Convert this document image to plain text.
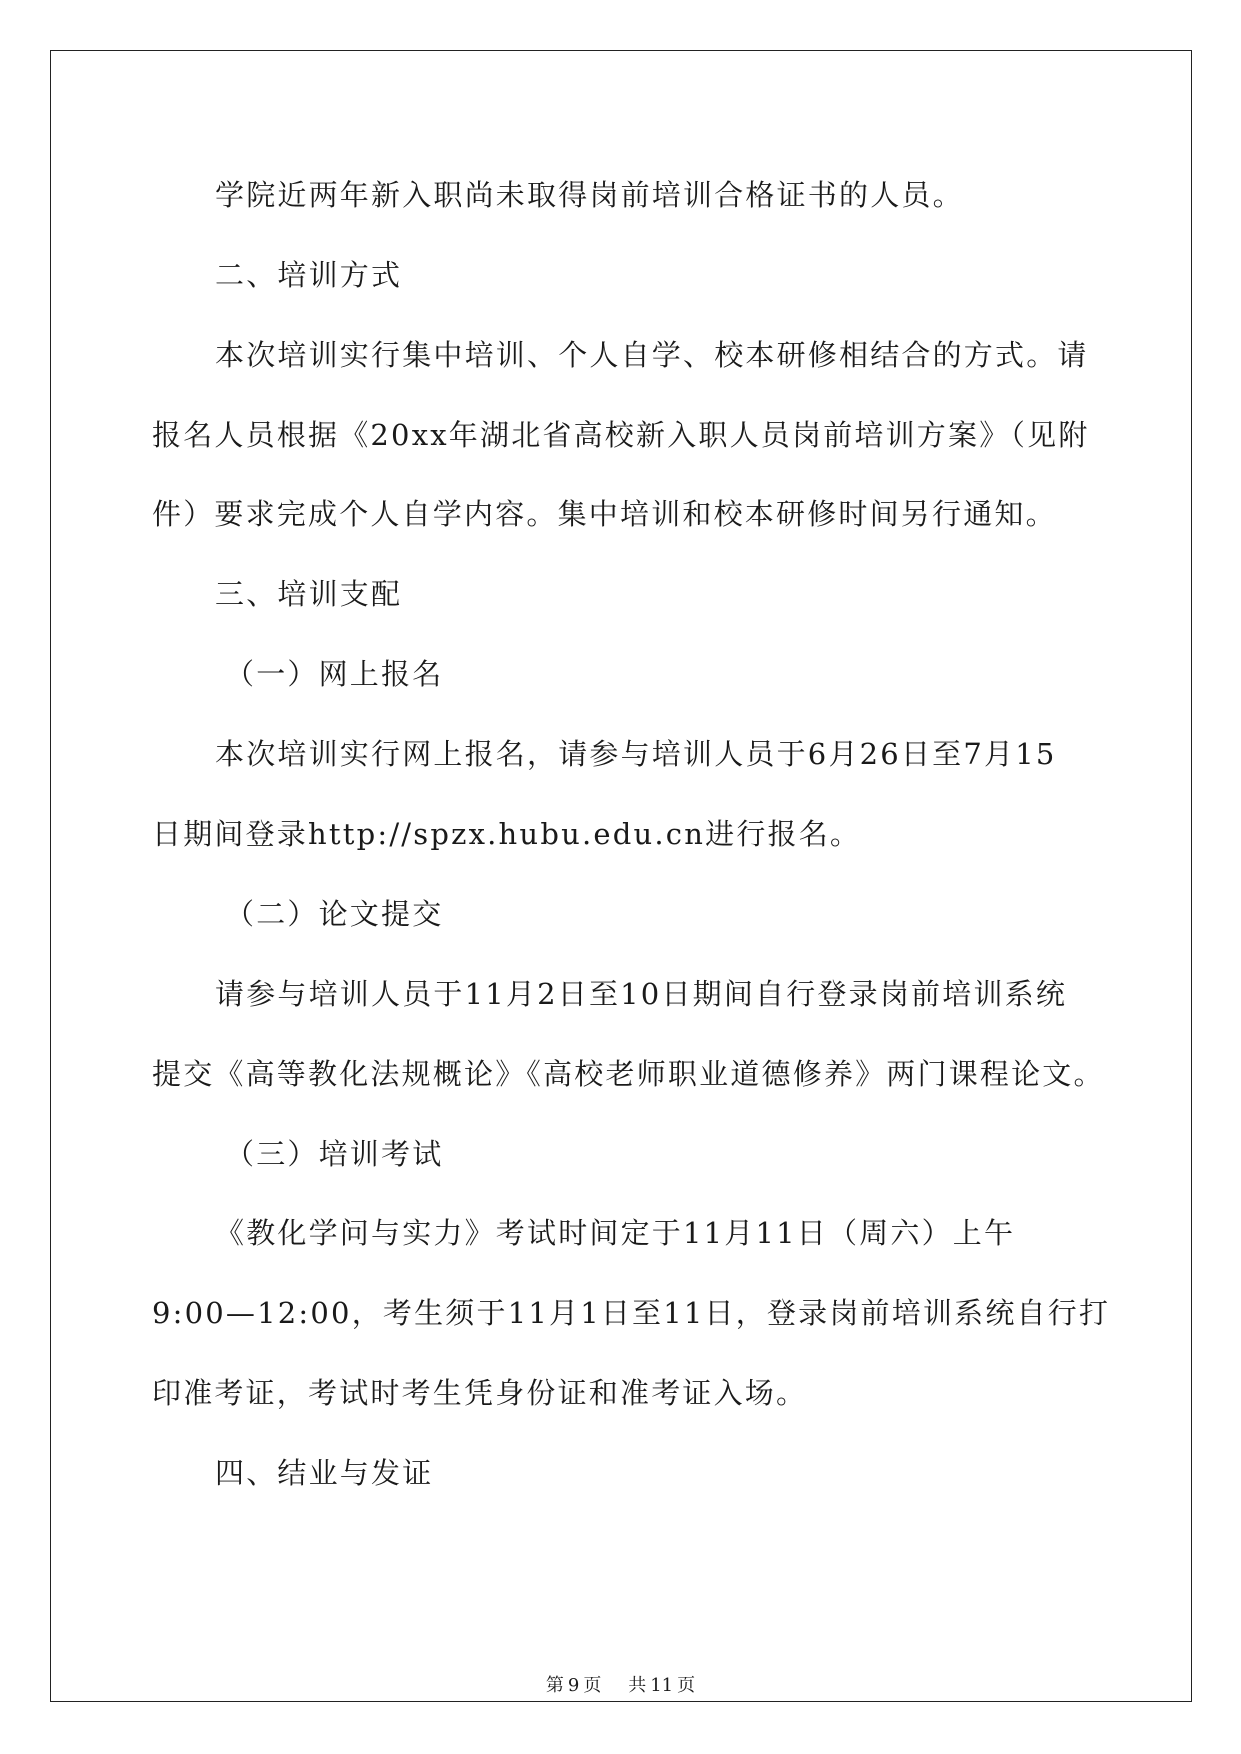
学院近两年新入职尚未取得岗前培训合格证书的人员。
二、培训方式
本次培训实行集中培训、个人自学、校本研修相结合的方式。请
报名人员根据《20xx年湖北省高校新入职人员岗前培训方案》（见附
件）要求完成个人自学内容。集中培训和校本研修时间另行通知。
三、培训支配
（一）网上报名
本次培训实行网上报名，请参与培训人员于6月26日至7月15
日期间登录http://spzx.hubu.edu.cn进行报名。
（二）论文提交
请参与培训人员于11月2日至10日期间自行登录岗前培训系统
提交《高等教化法规概论》《高校老师职业道德修养》两门课程论文。
（三）培训考试
《教化学问与实力》考试时间定于11月11日（周六）上午
9:00—12:00，考生须于11月1日至11日，登录岗前培训系统自行打
印准考证，考试时考生凭身份证和准考证入场。
四、结业与发证
第 9 页 共 11 页
